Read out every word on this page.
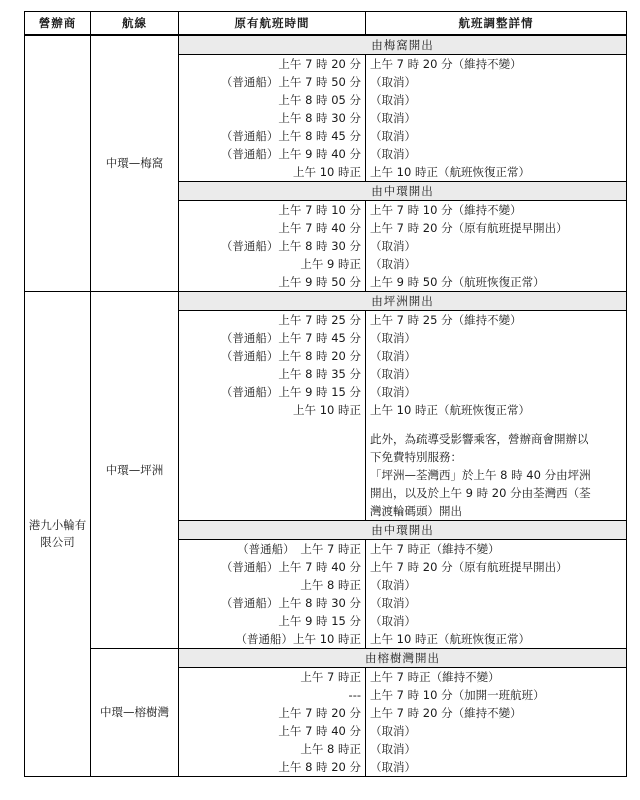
營辦商	航線	原有航班時間	航班調整詳情
	中環—梅窩	由梅窩開出	
		上午 7 時 20 分	上午 7 時 20 分（維持不變）
		（普通船）上午 7 時 50 分	（取消）
		上午 8 時 05 分	（取消）
		上午 8 時 30 分	（取消）
		（普通船）上午 8 時 45 分	（取消）
		（普通船）上午 9 時 40 分	（取消）
		上午 10 時正	上午 10 時正（航班恢復正常）
		由中環開出	
		上午 7 時 10 分	上午 7 時 10 分（維持不變）
		上午 7 時 40 分	上午 7 時 20 分（原有航班提早開出）
		（普通船）上午 8 時 30 分	（取消）
		上午 9 時正	（取消）
		上午 9 時 50 分	上午 9 時 50 分（航班恢復正常）
港九小輪有限公司	中環—坪洲	由坪洲開出	
		上午 7 時 25 分	上午 7 時 25 分（維持不變）
		（普通船）上午 7 時 45 分	（取消）
		（普通船）上午 8 時 20 分	（取消）
		上午 8 時 35 分	（取消）
		（普通船）上午 9 時 15 分	（取消）
		上午 10 時正	上午 10 時正（航班恢復正常）

			此外，為疏導受影響乘客，營辦商會開辦以
			下免費特別服務：
			「坪洲—荃灣西」於上午 8 時 40 分由坪洲
			開出，以及於上午 9 時 20 分由荃灣西（荃
			灣渡輪碼頭）開出
		由中環開出	
		（普通船）　上午 7 時正	上午 7 時正（維持不變）
		（普通船）上午 7 時 40 分	上午 7 時 20 分（原有航班提早開出）
		上午 8 時正	（取消）
		（普通船）上午 8 時 30 分	（取消）
		上午 9 時 15 分	（取消）
		（普通船）上午 10 時正	上午 10 時正（航班恢復正常）
	中環—榕樹灣	由榕樹灣開出	
		上午 7 時正	上午 7 時正（維持不變）
		---	上午 7 時 10 分（加開一班航班）
		上午 7 時 20 分	上午 7 時 20 分（維持不變）
		上午 7 時 40 分	（取消）
		上午 8 時正	（取消）
		上午 8 時 20 分	（取消）
